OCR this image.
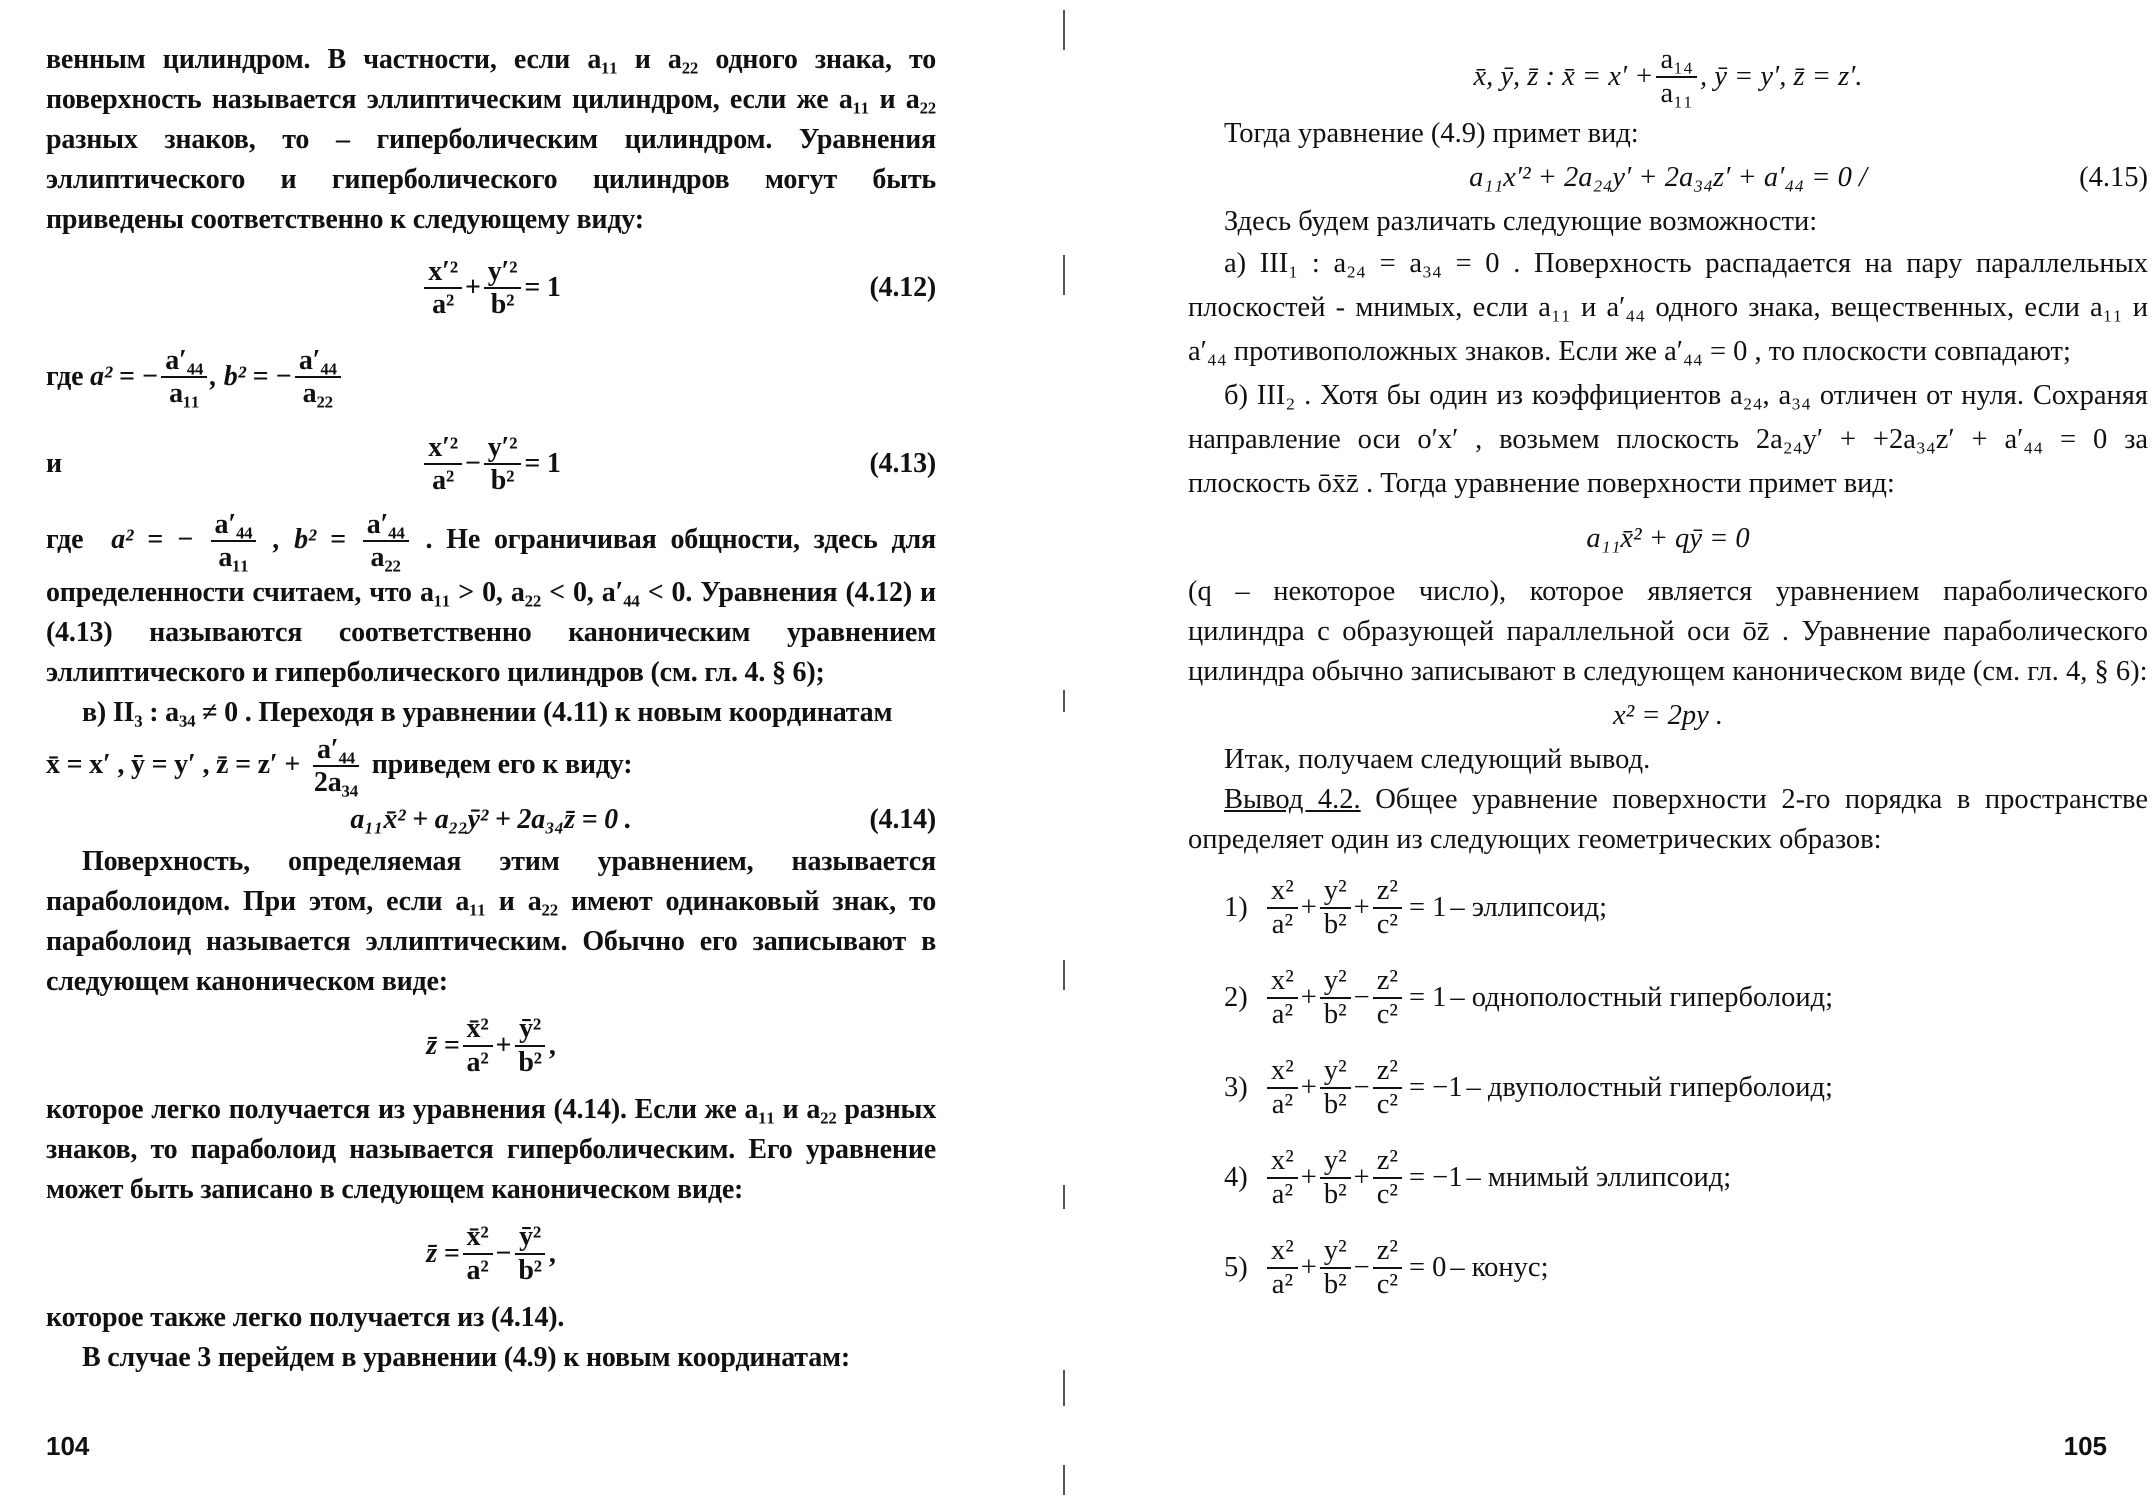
венным цилиндром. В частности, если a₁₁ и a₂₂ одного знака, то поверхность называется эллиптическим цилиндром, если же a₁₁ и a₂₂ разных знаков, то – гиперболическим цилиндром. Уравнения эллиптического и гиперболического цилиндров могут быть приведены соответственно к следующему виду:

$\frac{\text{x′²}}{\text{a²}} + \frac{\text{y′²}}{\text{b²}} = 1$	(4.12)
где
a² = − $\frac{\text{a′₄₄}}{\text{a₁₁}}$ , b² = − $\frac{\text{a′₄₄}}{\text{a₂₂}}$
и	$\frac{\text{x′²}}{\text{a²}} - \frac{\text{y′²}}{\text{b²}} = 1$	(4.13)

где a² = − $\frac{\text{a′₄₄}}{\text{a₁₁}}$ , $b^2 = \frac{\text{a′₄₄}}{\text{a₂₂}}$ . Не ограничивая общности, здесь для определенности считаем, что a₁₁ > 0, a₂₂ < 0, a′₄₄ < 0. Уравнения (4.12) и (4.13) называются соответственно каноническим уравнением эллиптического и гиперболического цилиндров (см. гл. 4. § 6);

в) II₃ : a₃₄ ≠ 0 . Переходя в уравнении (4.11) к новым координатам

x̄ = x′ , ȳ = y′ , z̄ = $z' + \frac{\text{a′₄₄}}{\text{2a₃₄}}$ приведем его к виду:

a₁₁x̄² + a₂₂ȳ² + 2a₃₄z̄ = 0 .	(4.14)

Поверхность, определяемая этим уравнением, называется параболоидом. При этом, если a₁₁ и a₂₂ имеют одинаковый знак, то параболоид называется эллиптическим. Обычно его записывают в следующем каноническом виде:

z̄ = $\frac{\text{x̄²}}{\text{a²}} + \frac{\text{ȳ²}}{\text{b²}}$ ,

которое легко получается из уравнения (4.14). Если же a₁₁ и a₂₂ разных знаков, то параболоид называется гиперболическим. Его уравнение может быть записано в следующем каноническом виде:

z̄ = $\frac{\text{x̄²}}{\text{a²}} - \frac{\text{ȳ²}}{\text{b²}}$ ,

которое также легко получается из (4.14).

В случае 3 перейдем в уравнении (4.9) к новым координатам:

104
x̄, ȳ, z̄ : x̄ = $x' + \frac{\text{a₁₄}}{\text{a₁₁}}$ , ȳ = y′, z̄ = z′.

Тогда уравнение (4.9) примет вид:

a₁₁x′² + 2a₂₄y′ + 2a₃₄z′ + a′₄₄ = 0 /	(4.15)

Здесь будем различать следующие возможности:

а) III₁ : a₂₄ = a₃₄ = 0 . Поверхность распадается на пару параллельных плоскостей - мнимых, если a₁₁ и a′₄₄ одного знака, вещественных, если a₁₁ и a′₄₄ противоположных знаков. Если же a′₄₄ = 0 , то плоскости совпадают;

б) III₂ . Хотя бы один из коэффициентов a₂₄, a₃₄ отличен от нуля. Сохраняя направление оси o′x′ , возьмем плоскость 2a₂₄y′ + +2a₃₄z′ + a′₄₄ = 0 за плоскость ōx̄z̄ . Тогда уравнение поверхности примет вид:

a₁₁x̄² + qȳ = 0

(q – некоторое число), которое является уравнением параболического цилиндра с образующей параллельной оси ōz̄ . Уравнение параболического цилиндра обычно записывают в следующем каноническом виде (см. гл. 4, § 6):

x² = 2py .

Итак, получаем следующий вывод.

Вывод 4.2. Общее уравнение поверхности 2-го порядка в пространстве определяет один из следующих геометрических образов:

$1) \frac{\text{x²}}{\text{a²}} + \frac{\text{y²}}{\text{b²}} + \frac{\text{z²}}{\text{c²}} = 1$ – эллипсоид;
$2) \frac{\text{x²}}{\text{a²}} + \frac{\text{y²}}{\text{b²}} - \frac{\text{z²}}{\text{c²}} = 1$ – однополостный гиперболоид;
$3) \frac{\text{x²}}{\text{a²}} + \frac{\text{y²}}{\text{b²}} - \frac{\text{z²}}{\text{c²}} = -1$ – двуполостный гиперболоид;
$4) \frac{\text{x²}}{\text{a²}} + \frac{\text{y²}}{\text{b²}} + \frac{\text{z²}}{\text{c²}} = -1$ – мнимый эллипсоид;
$5) \frac{\text{x²}}{\text{a²}} + \frac{\text{y²}}{\text{b²}} - \frac{\text{z²}}{\text{c²}} = 0$ – конус;
105
